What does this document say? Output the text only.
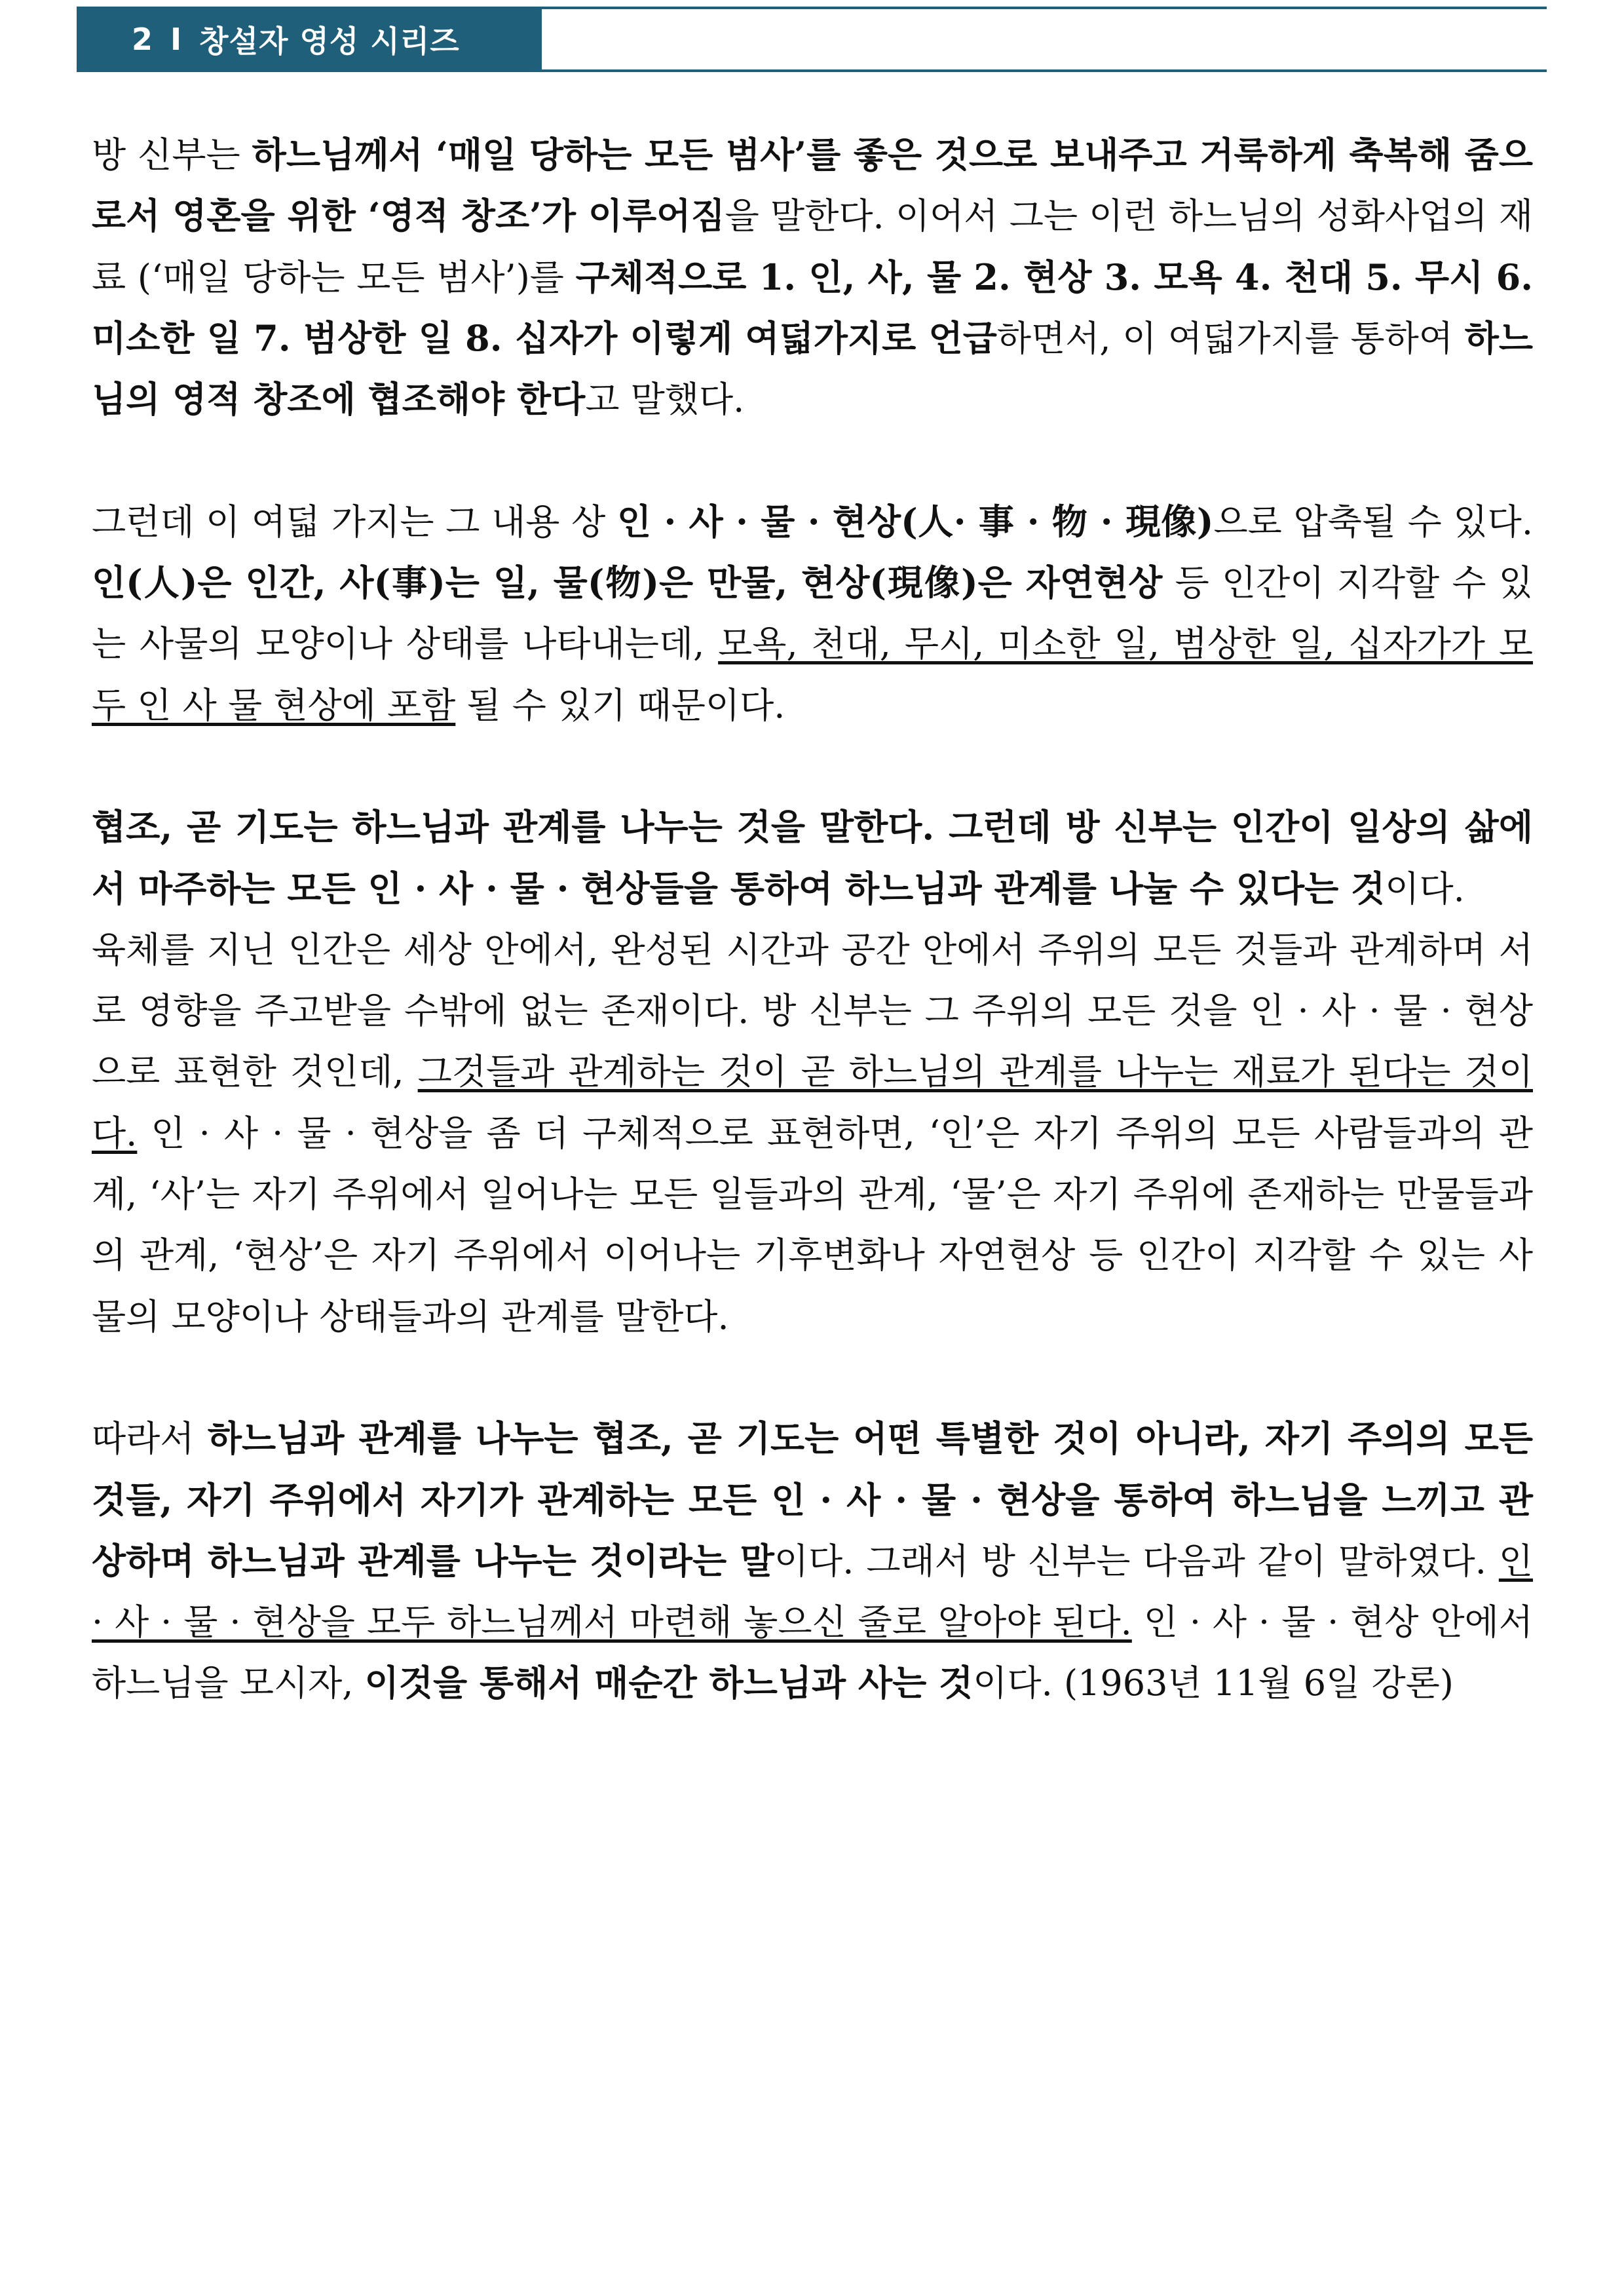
2 I 창설자 영성 시리즈

방 신부는 하느님께서 ‘매일 당하는 모든 범사’를 좋은 것으로 보내주고 거룩하게 축복해 줌으로서 영혼을 위한 ‘영적 창조’가 이루어짐을 말한다. 이어서 그는 이런 하느님의 성화사업의 재료 (‘매일 당하는 모든 범사’)를 구체적으로 1. 인, 사, 물 2. 현상 3. 모욕 4. 천대 5. 무시 6. 미소한 일 7. 범상한 일 8. 십자가 이렇게 여덟가지로 언급하면서, 이 여덟가지를 통하여 하느님의 영적 창조에 협조해야 한다고 말했다.

그런데 이 여덟 가지는 그 내용 상 인 · 사 · 물 · 현상(人· 事 · 物 · 現像)으로 압축될 수 있다. 인(人)은 인간, 사(事)는 일, 물(物)은 만물, 현상(現像)은 자연현상 등 인간이 지각할 수 있는 사물의 모양이나 상태를 나타내는데, 모욕, 천대, 무시, 미소한 일, 범상한 일, 십자가가 모두 인 사 물 현상에 포함 될 수 있기 때문이다.

협조, 곧 기도는 하느님과 관계를 나누는 것을 말한다. 그런데 방 신부는 인간이 일상의 삶에서 마주하는 모든 인 · 사 · 물 · 현상들을 통하여 하느님과 관계를 나눌 수 있다는 것이다.

육체를 지닌 인간은 세상 안에서, 완성된 시간과 공간 안에서 주위의 모든 것들과 관계하며 서로 영향을 주고받을 수밖에 없는 존재이다. 방 신부는 그 주위의 모든 것을 인 · 사 · 물 · 현상으로 표현한 것인데, 그것들과 관계하는 것이 곧 하느님의 관계를 나누는 재료가 된다는 것이다. 인 · 사 · 물 · 현상을 좀 더 구체적으로 표현하면, ‘인’은 자기 주위의 모든 사람들과의 관계, ‘사’는 자기 주위에서 일어나는 모든 일들과의 관계, ‘물’은 자기 주위에 존재하는 만물들과의 관계, ‘현상’은 자기 주위에서 이어나는 기후변화나 자연현상 등 인간이 지각할 수 있는 사물의 모양이나 상태들과의 관계를 말한다.

따라서 하느님과 관계를 나누는 협조, 곧 기도는 어떤 특별한 것이 아니라, 자기 주의의 모든 것들, 자기 주위에서 자기가 관계하는 모든 인 · 사 · 물 · 현상을 통하여 하느님을 느끼고 관상하며 하느님과 관계를 나누는 것이라는 말이다. 그래서 방 신부는 다음과 같이 말하였다. 인 · 사 · 물 · 현상을 모두 하느님께서 마련해 놓으신 줄로 알아야 된다. 인 · 사 · 물 · 현상 안에서 하느님을 모시자, 이것을 통해서 매순간 하느님과 사는 것이다. (1963년 11월 6일 강론)
